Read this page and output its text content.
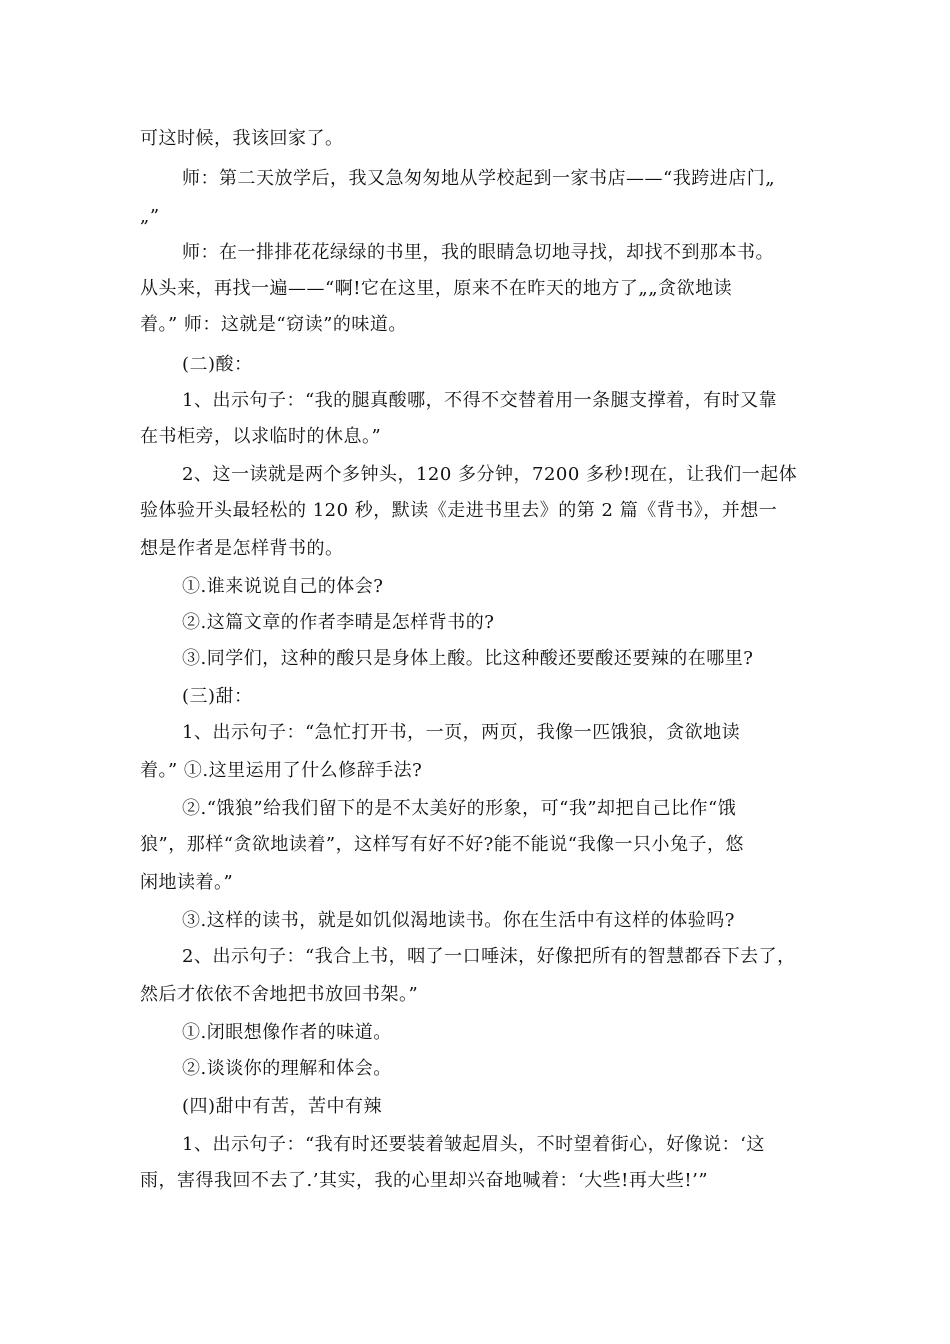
可这时候，我该回家了。
师：第二天放学后，我又急匆匆地从学校起到一家书店——“我跨进店门„
„”
师：在一排排花花绿绿的书里，我的眼睛急切地寻找，却找不到那本书。
从头来，再找一遍——“啊!它在这里，原来不在昨天的地方了„„贪欲地读
着。” 师：这就是“窃读”的味道。
(二)酸：
1、出示句子：“我的腿真酸哪，不得不交替着用一条腿支撑着，有时又靠
在书柜旁，以求临时的休息。”
2、这一读就是两个多钟头，120 多分钟，7200 多秒!现在，让我们一起体
验体验开头最轻松的 120 秒，默读《走进书里去》的第 2 篇《背书》，并想一
想是作者是怎样背书的。
①.谁来说说自己的体会?
②.这篇文章的作者李晴是怎样背书的?
③.同学们，这种的酸只是身体上酸。比这种酸还要酸还要辣的在哪里?
(三)甜：
1、出示句子：“急忙打开书，一页，两页，我像一匹饿狼，贪欲地读
着。” ①.这里运用了什么修辞手法?
②.“饿狼”给我们留下的是不太美好的形象，可“我”却把自己比作“饿
狼”，那样“贪欲地读着”，这样写有好不好?能不能说“我像一只小兔子，悠
闲地读着。”
③.这样的读书，就是如饥似渴地读书。你在生活中有这样的体验吗?
2、出示句子：“我合上书，咽了一口唾沫，好像把所有的智慧都吞下去了，
然后才依依不舍地把书放回书架。”
①.闭眼想像作者的味道。
②.谈谈你的理解和体会。
(四)甜中有苦，苦中有辣
1、出示句子：“我有时还要装着皱起眉头，不时望着街心，好像说：‘这
雨，害得我回不去了.’其实，我的心里却兴奋地喊着：‘大些!再大些!’”
